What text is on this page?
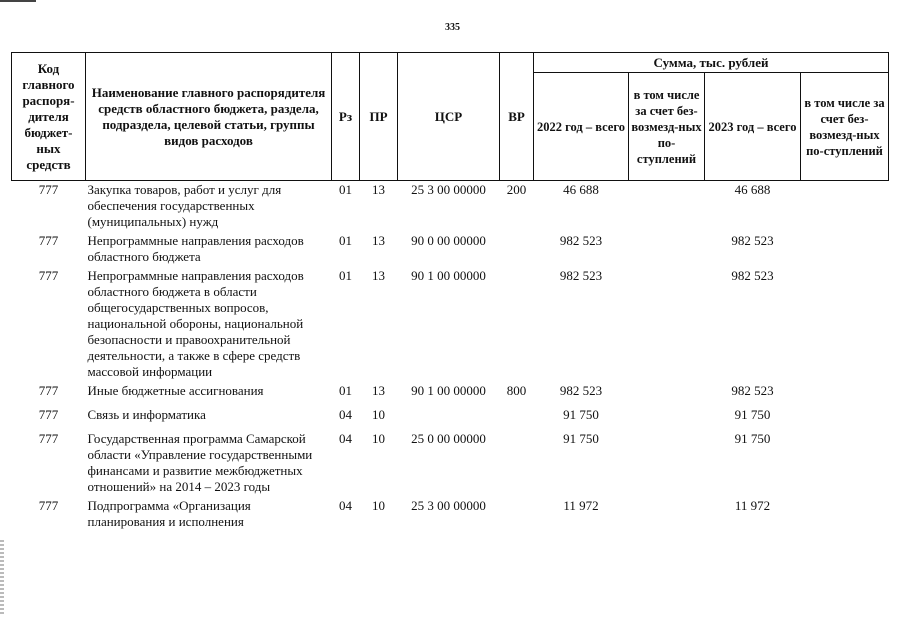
335
Код главного распоря-дителя бюджет-ных средств	Наименование главного распорядителя средств областного бюджета, раздела, подраздела, целевой статьи, группы видов расходов	Рз	ПР	ЦСР	ВР	Сумма, тыс. рублей			
						2022 год – всего	в том числе за счет без-возмезд-ных по-ступлений	2023 год – всего	в том числе за счет без-возмезд-ных по-ступлений
777	Закупка товаров, работ и услуг для обеспечения государственных (муниципальных) нужд	01	13	25 3 00 00000	200	46 688		46 688	
777	Непрограммные направления расходов областного бюджета	01	13	90 0 00 00000		982 523		982 523	
777	Непрограммные направления расходов областного бюджета в области общегосударственных вопросов, национальной обороны, национальной безопасности и правоохранительной деятельности, а также в сфере средств массовой информации	01	13	90 1 00 00000		982 523		982 523	
777	Иные бюджетные ассигнования	01	13	90 1 00 00000	800	982 523		982 523	
777	Связь и информатика	04	10			91 750		91 750	
777	Государственная программа Самарской области «Управление государственными финансами и развитие межбюджетных отношений» на 2014 – 2023 годы	04	10	25 0 00 00000		91 750		91 750	
777	Подпрограмма «Организация планирования и исполнения	04	10	25 3 00 00000		11 972		11 972	
